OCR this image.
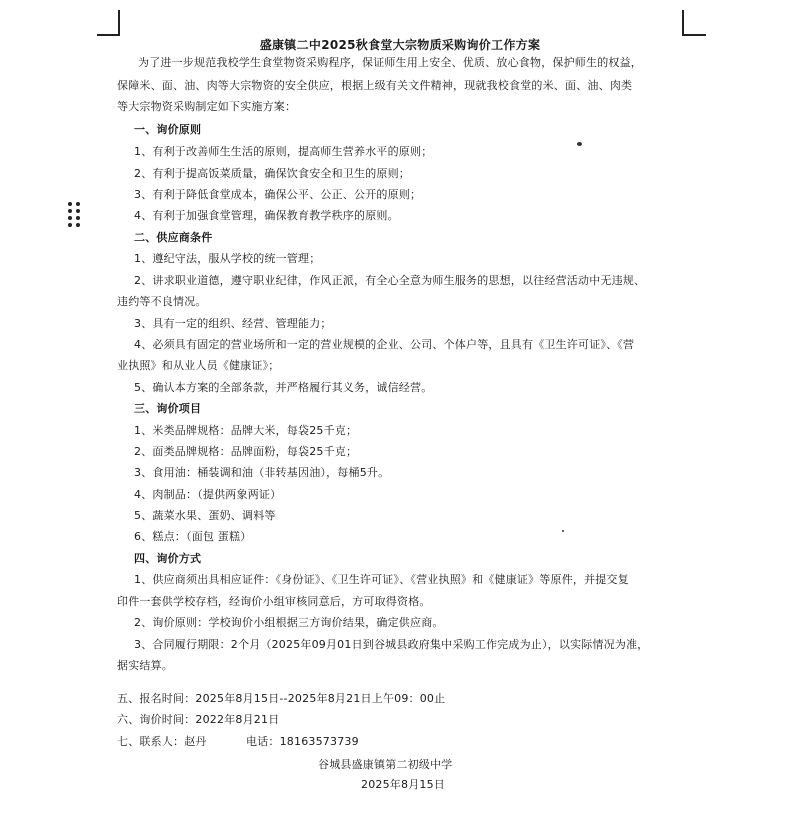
盛康镇二中2025秋食堂大宗物质采购询价工作方案
为了进一步规范我校学生食堂物资采购程序，保证师生用上安全、优质、放心食物，保护师生的权益，
保障米、面、油、肉等大宗物资的安全供应，根据上级有关文件精神，现就我校食堂的米、面、油、肉类
等大宗物资采购制定如下实施方案：
一、询价原则
1、有利于改善师生生活的原则，提高师生营养水平的原则；
2、有利于提高饭菜质量，确保饮食安全和卫生的原则；
3、有利于降低食堂成本，确保公平、公正、公开的原则；
4、有利于加强食堂管理，确保教育教学秩序的原则。
二、供应商条件
1、遵纪守法，服从学校的统一管理；
2、讲求职业道德，遵守职业纪律，作风正派，有全心全意为师生服务的思想，以往经营活动中无违规、
违约等不良情况。
3、具有一定的组织、经营、管理能力；
4、必须具有固定的营业场所和一定的营业规模的企业、公司、个体户等，且具有《卫生许可证》、《营
业执照》和从业人员《健康证》；
5、确认本方案的全部条款，并严格履行其义务，诚信经营。
三、询价项目
1、米类品牌规格：品牌大米，每袋25千克；
2、面类品牌规格：品牌面粉，每袋25千克；
3、食用油：桶装调和油（非转基因油），每桶5升。
4、肉制品：（提供两象两证）
5、蔬菜水果、蛋奶、调料等
6、糕点：（面包 蛋糕）
四、询价方式
1、供应商须出具相应证件：《身份证》、《卫生许可证》、《营业执照》和《健康证》等原件，并提交复
印件一套供学校存档，经询价小组审核同意后，方可取得资格。
2、询价原则：学校询价小组根据三方询价结果，确定供应商。
3、合同履行期限：2个月（2025年09月01日到谷城县政府集中采购工作完成为止），以实际情况为准，
据实结算。
五、报名时间：2025年8月15日--2025年8月21日上午09：00止
六、询价时间：2022年8月21日
七、联系人：赵丹	电话：18163573739
谷城县盛康镇第二初级中学
2025年8月15日
